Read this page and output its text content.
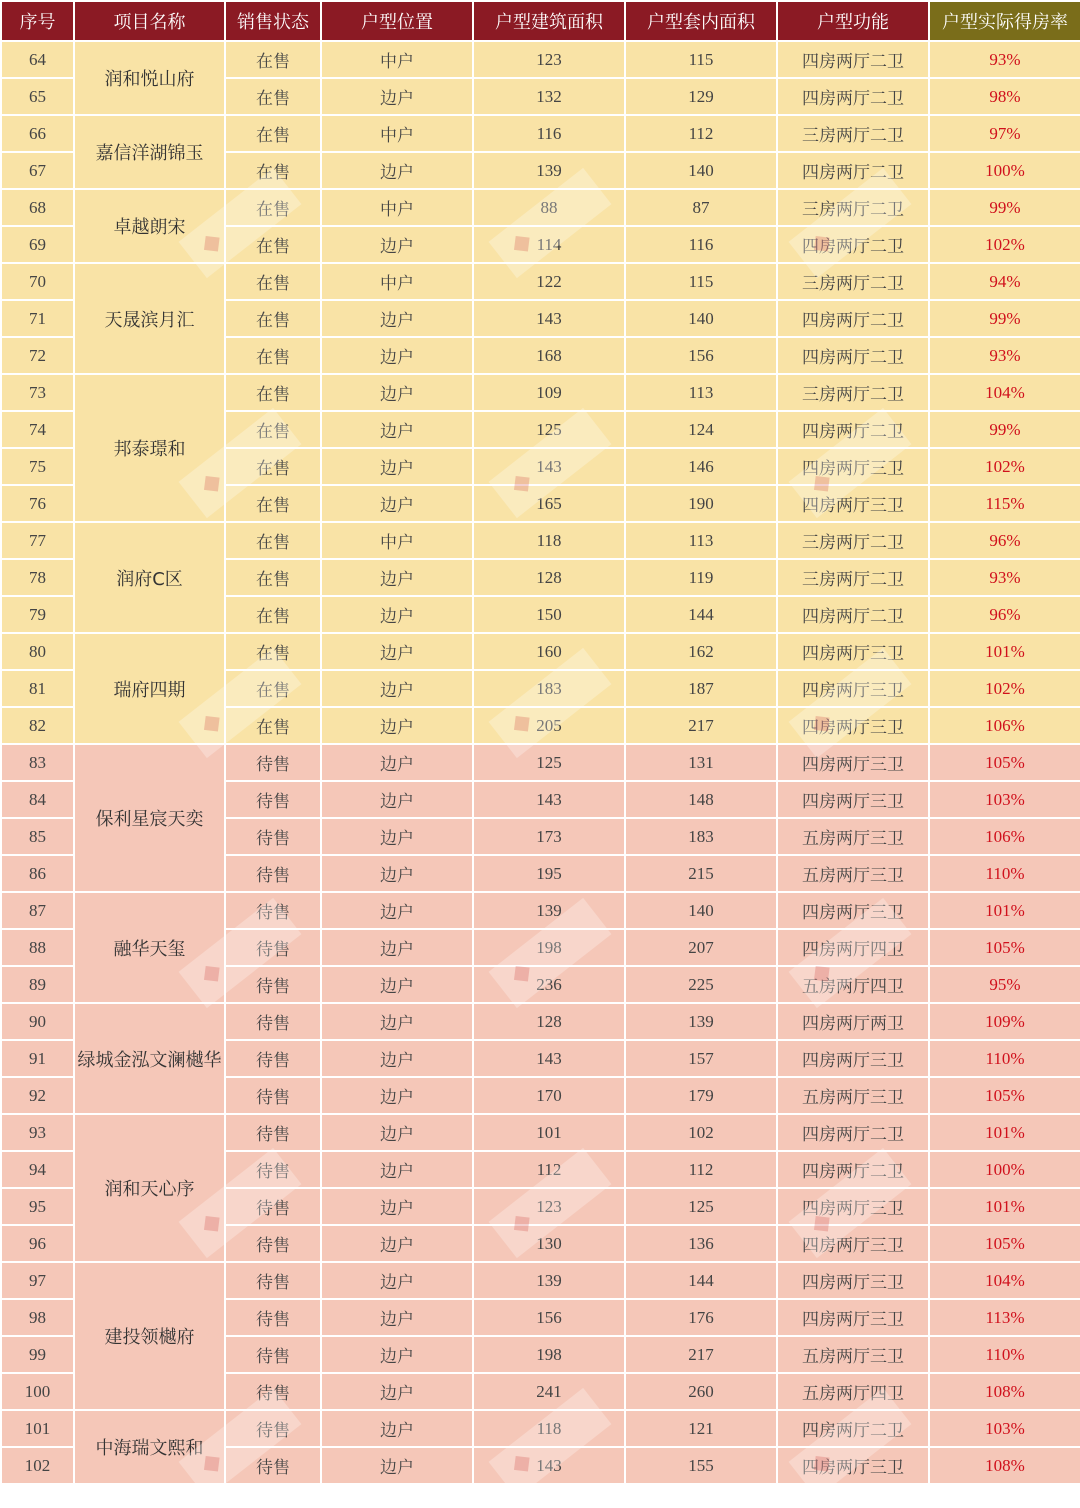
序号	项目名称	销售状态	户型位置	户型建筑面积	户型套内面积	户型功能	户型实际得房率
64	润和悦山府	在售	中户	123	115	四房两厅二卫	93%
65		在售	边户	132	129	四房两厅二卫	98%
66	嘉信洋湖锦玉	在售	中户	116	112	三房两厅二卫	97%
67		在售	边户	139	140	四房两厅二卫	100%
68	卓越朗宋	在售	中户	88	87	三房两厅二卫	99%
69		在售	边户	114	116	四房两厅二卫	102%
70	天晟滨月汇	在售	中户	122	115	三房两厅二卫	94%
71		在售	边户	143	140	四房两厅二卫	99%
72		在售	边户	168	156	四房两厅二卫	93%
73	邦泰璟和	在售	边户	109	113	三房两厅二卫	104%
74		在售	边户	125	124	四房两厅二卫	99%
75		在售	边户	143	146	四房两厅三卫	102%
76		在售	边户	165	190	四房两厅三卫	115%
77	润府C区	在售	中户	118	113	三房两厅二卫	96%
78		在售	边户	128	119	三房两厅二卫	93%
79		在售	边户	150	144	四房两厅二卫	96%
80	瑞府四期	在售	边户	160	162	四房两厅三卫	101%
81		在售	边户	183	187	四房两厅三卫	102%
82		在售	边户	205	217	四房两厅三卫	106%
83	保利星宸天奕	待售	边户	125	131	四房两厅三卫	105%
84		待售	边户	143	148	四房两厅三卫	103%
85		待售	边户	173	183	五房两厅三卫	106%
86		待售	边户	195	215	五房两厅三卫	110%
87	融华天玺	待售	边户	139	140	四房两厅三卫	101%
88		待售	边户	198	207	四房两厅四卫	105%
89		待售	边户	236	225	五房两厅四卫	95%
90	绿城金泓文澜樾华	待售	边户	128	139	四房两厅两卫	109%
91		待售	边户	143	157	四房两厅三卫	110%
92		待售	边户	170	179	五房两厅三卫	105%
93	润和天心序	待售	边户	101	102	四房两厅二卫	101%
94		待售	边户	112	112	四房两厅二卫	100%
95		待售	边户	123	125	四房两厅三卫	101%
96		待售	边户	130	136	四房两厅三卫	105%
97	建投领樾府	待售	边户	139	144	四房两厅三卫	104%
98		待售	边户	156	176	四房两厅三卫	113%
99		待售	边户	198	217	五房两厅三卫	110%
100		待售	边户	241	260	五房两厅四卫	108%
101	中海瑞文熙和	待售	边户	118	121	四房两厅二卫	103%
102		待售	边户	143	155	四房两厅三卫	108%
